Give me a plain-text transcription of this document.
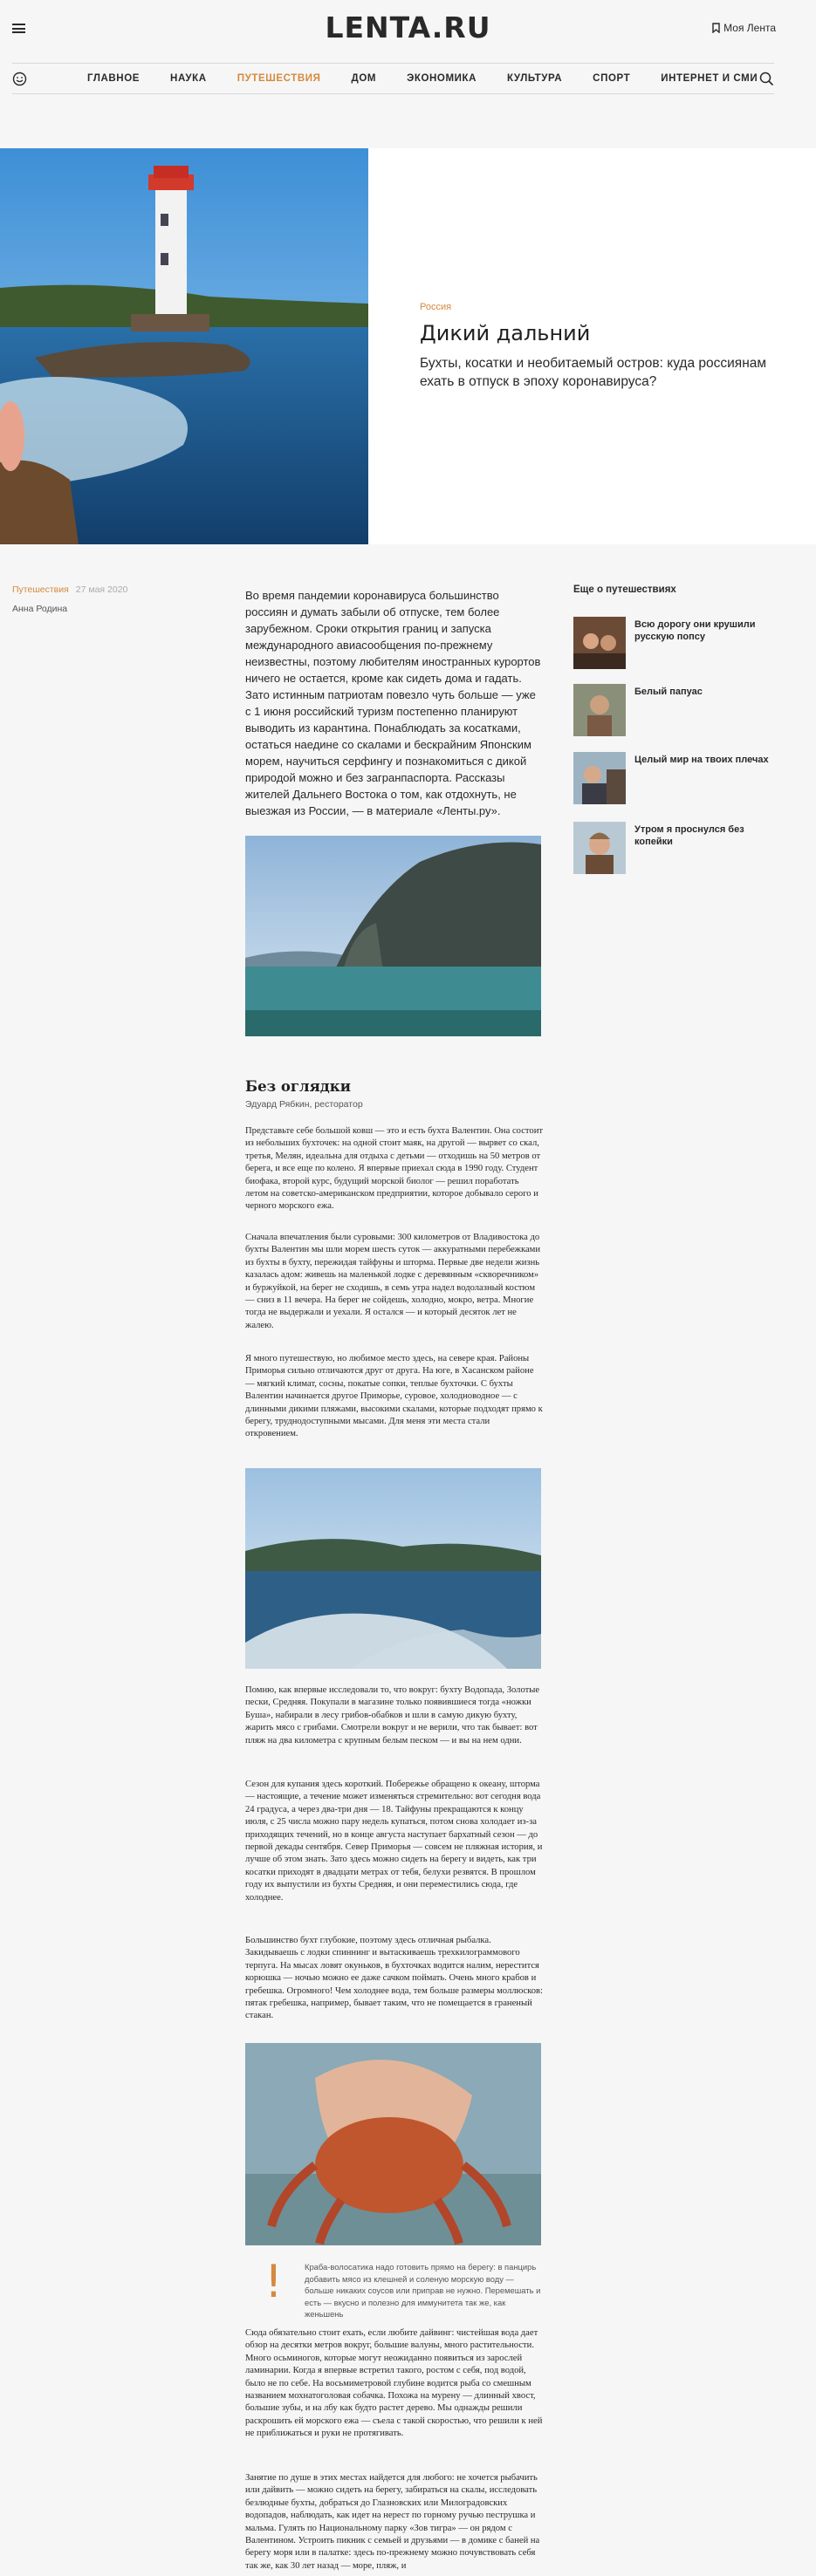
LENTA.RU	Моя Лента
ГЛАВНОЕ	НАУКА	ПУТЕШЕСТВИЯ	ДОМ	ЭКОНОМИКА	КУЛЬТУРА	СПОРТ	ИНТЕРНЕТ И СМИ
Россия
Дикий дальний

Бухты, косатки и необитаемый остров: куда россиянам ехать в отпуск в эпоху коронавируса?

Путешествия 27 мая 2020
Анна Родина

Во время пандемии коронавируса большинство россиян и думать забыли об отпуске, тем более зарубежном. Сроки открытия границ и запуска международного авиасообщения по-прежнему неизвестны, поэтому любителям иностранных курортов ничего не остается, кроме как сидеть дома и гадать. Зато истинным патриотам повезло чуть больше — уже с 1 июня российский туризм постепенно планируют выводить из карантина. Понаблюдать за косатками, остаться наедине со скалами и бескрайним Японским морем, научиться серфингу и познакомиться с дикой природой можно и без загранпаспорта. Рассказы жителей Дальнего Востока о том, как отдохнуть, не выезжая из России, — в материале «Ленты.ру».

Без оглядки
Эдуард Рябкин, ресторатор

Представьте себе большой ковш — это и есть бухта Валентин. Она состоит из небольших бухточек: на одной стоит маяк, на другой — вырвет со скал, третья, Мелян, идеальна для отдыха с детьми — отходишь на 50 метров от берега, и все еще по колено. Я впервые приехал сюда в 1990 году. Студент биофака, второй курс, будущий морской биолог — решил поработать летом на советско-американском предприятии, которое добывало серого и черного морского ежа.

Сначала впечатления были суровыми: 300 километров от Владивостока до бухты Валентин мы шли морем шесть суток — аккуратными перебежками из бухты в бухту, пережидая тайфуны и шторма. Первые две недели жизнь казалась адом: живешь на маленькой лодке с деревянным «скворечником» и буржуйкой, на берег не сходишь, в семь утра надел водолазный костюм — сниз в 11 вечера. На берег не сойдешь, холодно, мокро, ветра. Многие тогда не выдержали и уехали. Я остался — и который десяток лет не жалею.

Я много путешествую, но любимое место здесь, на севере края. Районы Приморья сильно отличаются друг от друга. На юге, в Хасанском районе — мягкий климат, сосны, покатые сопки, теплые бухточки. С бухты Валентин начинается другое Приморье, суровое, холодноводное — с длинными дикими пляжами, высокими скалами, которые подходят прямо к берегу, труднодоступными мысами. Для меня эти места стали откровением.

Помню, как впервые исследовали то, что вокруг: бухту Водопада, Золотые пески, Средняя. Покупали в магазине только появившиеся тогда «ножки Буша», набирали в лесу грибов-обабков и шли в самую дикую бухту, жарить мясо с грибами. Смотрели вокруг и не верили, что так бывает: вот пляж на два километра с крупным белым песком — и вы на нем одни.

Сезон для купания здесь короткий. Побережье обращено к океану, шторма — настоящие, а течение может изменяться стремительно: вот сегодня вода 24 градуса, а через два-три дня — 18. Тайфуны прекращаются к концу июля, с 25 числа можно пару недель купаться, потом снова холодает из-за приходящих течений, но в конце августа наступает бархатный сезон — до первой декады сентября. Север Приморья — совсем не пляжная история, и лучше об этом знать. Зато здесь можно сидеть на берегу и видеть, как три косатки приходят в двадцати метрах от тебя, белухи резвятся. В прошлом году их выпустили из бухты Средняя, и они переместились сюда, где холоднее.

Большинство бухт глубокие, поэтому здесь отличная рыбалка. Закидываешь с лодки спиннинг и вытаскиваешь трехкилограммового терпуга. На мысах ловят окуньков, в бухточках водится налим, нерестится корюшка — ночью можно ее даже сачком поймать. Очень много крабов и гребешка. Огромного! Чем холоднее вода, тем больше размеры моллюсков: пятак гребешка, например, бывает таким, что не помещается в граненый стакан.

!	Краба-волосатика надо готовить прямо на берегу: в панцирь добавить мясо из клешней и соленую морскую воду — больше никаких соусов или приправ не нужно. Перемешать и есть — вкусно и полезно для иммунитета так же, как женьшень

Сюда обязательно стоит ехать, если любите дайвинг: чистейшая вода дает обзор на десятки метров вокруг, большие валуны, много растительности. Много осьминогов, которые могут неожиданно появиться из зарослей ламинарии. Когда я впервые встретил такого, ростом с себя, под водой, было не по себе. На восьмиметровой глубине водится рыба со смешным названием мохнатоголовая собачка. Похожа на мурену — длинный хвост, большие зубы, и на лбу как будто растет дерево. Мы однажды решили раскрошить ей морского ежа — съела с такой скоростью, что решили к ней не приближаться и руки не протягивать.

Занятие по душе в этих местах найдется для любого: не хочется рыбачить или дайвить — можно сидеть на берегу, забираться на скалы, исследовать безлюдные бухты, добраться до Глазновских или Милоградовских водопадов, наблюдать, как идет на нерест по горному ручью пеструшка и мальма. Гулять по Национальному парку «Зов тигра» — он рядом с Валентином. Устроить пикник с семьей и друзьями — в домике с баней на берегу моря или в палатке: здесь по-прежнему можно почувствовать себя так же, как 30 лет назад — море, пляж, и

Еще о путешествиях
Всю дорогу они крушили русскую попсу
Белый папуас
Целый мир на твоих плечах
Утром я проснулся без копейки
